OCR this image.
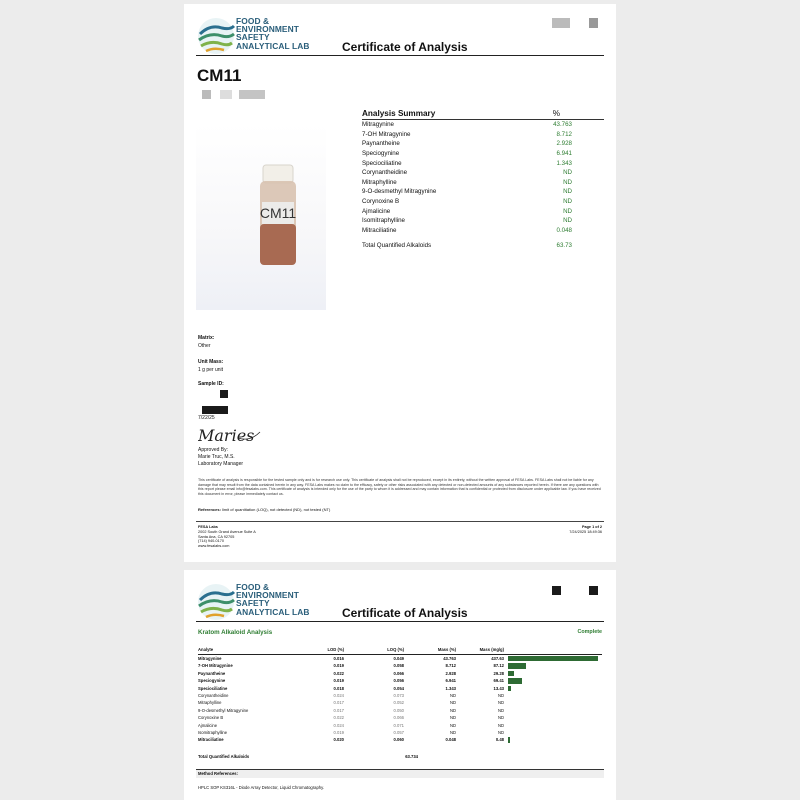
FOOD &
ENVIRONMENT
SAFETY
ANALYTICAL LAB	Certificate of Analysis
CM11
CM11
Analysis Summary	%
Mitragynine	43.763
7-OH Mitragynine	8.712
Paynantheine	2.928
Speciogynine	6.941
Speciociliatine	1.343
Corynantheidine	ND
Mitraphylline	ND
9-O-desmethyl Mitragynine	ND
Corynoxine B	ND
Ajmalicine	ND
Isomitraphylline	ND
Mitraciliatine	0.048
Total Quantified Alkaloids	63.73
Matrix:
Other
Unit Mass:
1 g per unit
Sample ID:
7/22/25
Maries
Approved By:
Marie Truc, M.S.
Laboratory Manager
This certificate of analysis is responsible for the tested sample only and is for research use only. This certificate of analysis shall not be reproduced, except in its entirety, without the written approval of FESA Labs. FESA Labs shall not be liable for any damage that may result from the data contained herein in any way. FESA Labs makes no claim to the efficacy, safety or other risks associated with any detected or non-detected amounts of any substances reported herein. If there are any questions with this report please email info@fesalabs.com. This certificate of analysis is intended only for the use of the party to whom it is addressed and may contain information that is confidential or protected from disclosure under applicable law. If you have received this document in error, please immediately contact us.
References: limit of quantitation (LOQ), not detected (ND), not tested (NT)
FESA Labs
2002 South Grand Avenue Suite A
Santa Ana, CA 92705
(714) 940-0170
www.fesalabs.com
Page 1 of 2
7/24/2025 18:49:36
FOOD &
ENVIRONMENT
SAFETY
ANALYTICAL LAB	Certificate of Analysis
Kratom Alkaloid Analysis	Complete
Analyte	LOD (%)	LOQ (%)	Mass (%)	Mass (mg/g)
Mitragynine	0.016	0.049	43.763	437.63
7-OH Mitragynine	0.019	0.058	8.712	87.12
Paynantheine	0.022	0.066	2.928	29.28
Speciogynine	0.019	0.056	6.941	69.41
Speciociliatine	0.018	0.054	1.343	13.43
Corynantheidine	0.024	0.073	ND	ND
Mitraphylline	0.017	0.052	ND	ND
9-O-desmethyl Mitragynine	0.017	0.050	ND	ND
Corynoxine B	0.022	0.066	ND	ND
Ajmalicine	0.024	0.071	ND	ND
Isomitraphylline	0.019	0.057	ND	ND
Mitraciliatine	0.020	0.060	0.048	0.48
Total Quantified Alkaloids	63.734
Method References:
HPLC SOP KS316L - Diode Array Detector, Liquid Chromatography.
